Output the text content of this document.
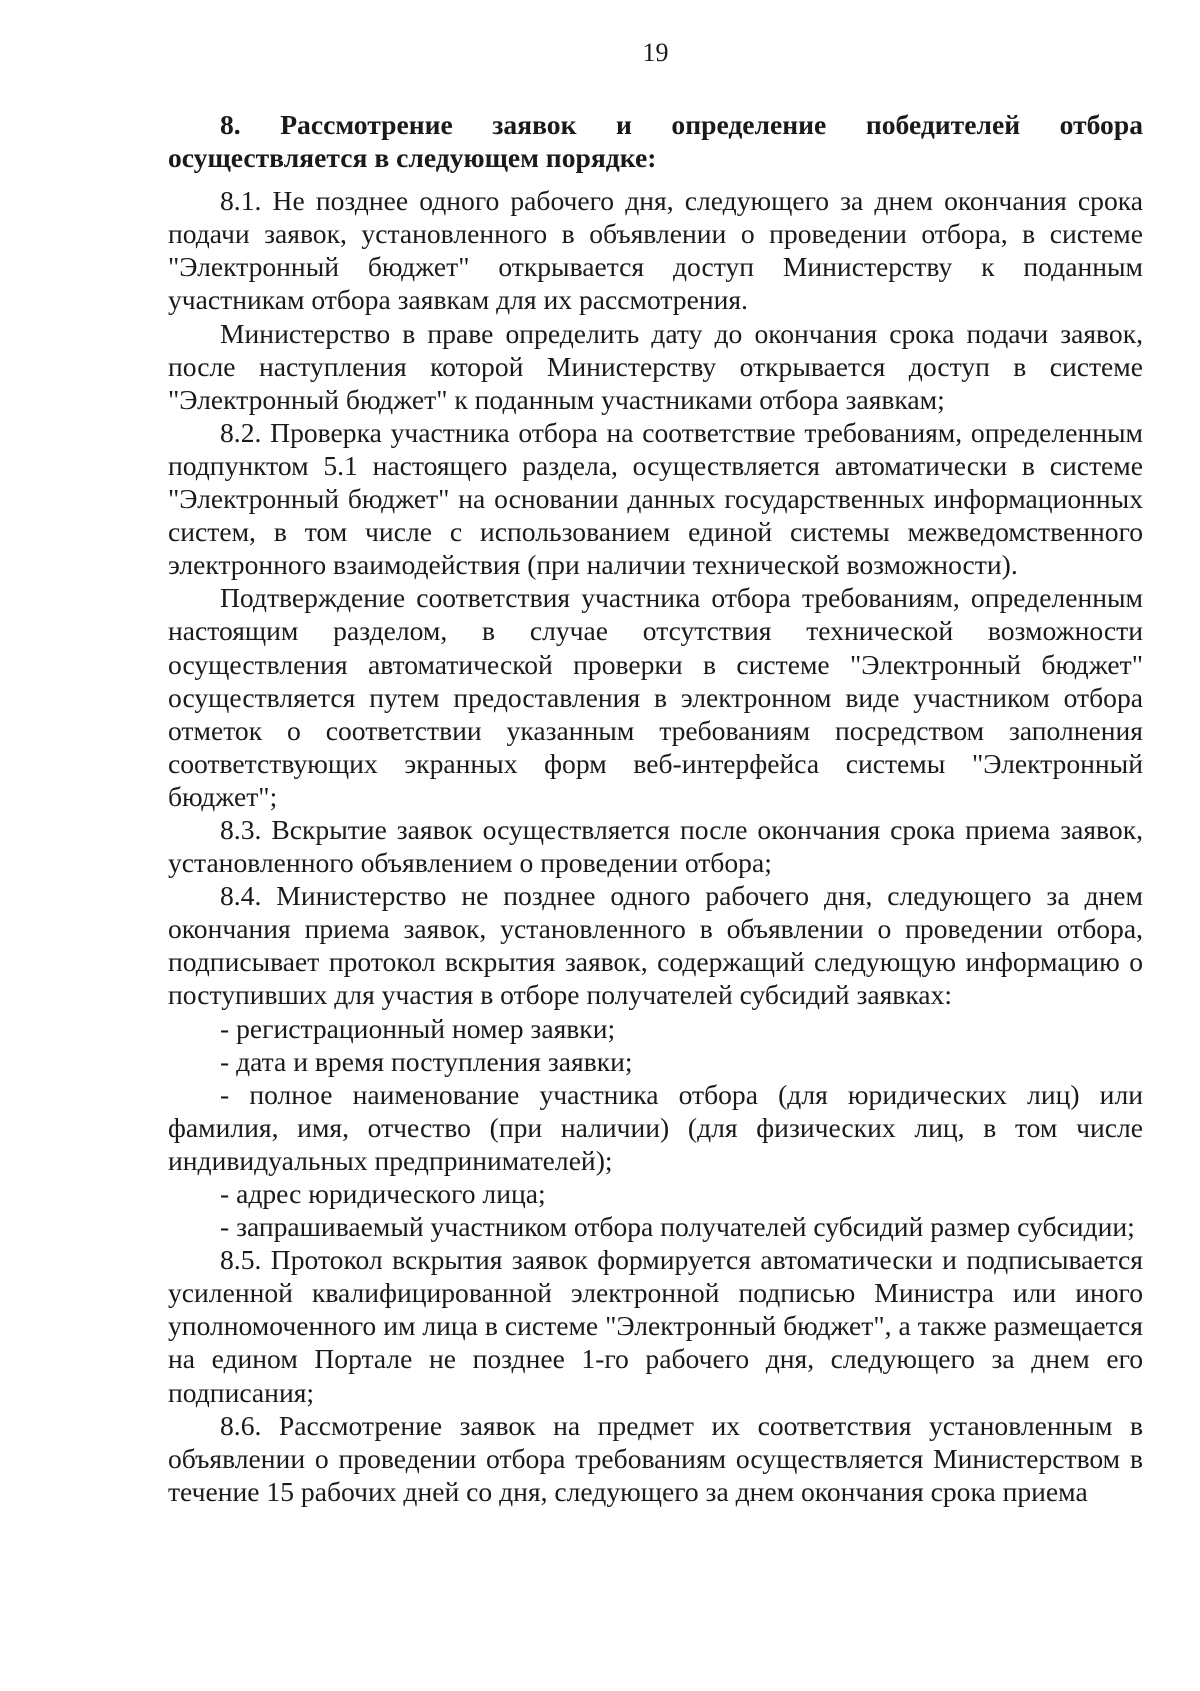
19

8. Рассмотрение заявок и определение победителей отбора осуществляется в следующем порядке:

8.1. Не позднее одного рабочего дня, следующего за днем окончания срока подачи заявок, установленного в объявлении о проведении отбора, в системе "Электронный бюджет" открывается доступ Министерству к поданным участникам отбора заявкам для их рассмотрения.

Министерство в праве определить дату до окончания срока подачи заявок, после наступления которой Министерству открывается доступ в системе "Электронный бюджет" к поданным участниками отбора заявкам;

8.2. Проверка участника отбора на соответствие требованиям, определенным подпунктом 5.1 настоящего раздела, осуществляется автоматически в системе "Электронный бюджет" на основании данных государственных информационных систем, в том числе с использованием единой системы межведомственного электронного взаимодействия (при наличии технической возможности).

Подтверждение соответствия участника отбора требованиям, определенным настоящим разделом, в случае отсутствия технической возможности осуществления автоматической проверки в системе "Электронный бюджет" осуществляется путем предоставления в электронном виде участником отбора отметок о соответствии указанным требованиям посредством заполнения соответствующих экранных форм веб-интерфейса системы "Электронный бюджет";

8.3. Вскрытие заявок осуществляется после окончания срока приема заявок, установленного объявлением о проведении отбора;

8.4. Министерство не позднее одного рабочего дня, следующего за днем окончания приема заявок, установленного в объявлении о проведении отбора, подписывает протокол вскрытия заявок, содержащий следующую информацию о поступивших для участия в отборе получателей субсидий заявках:

- регистрационный номер заявки;

- дата и время поступления заявки;

- полное наименование участника отбора (для юридических лиц) или фамилия, имя, отчество (при наличии) (для физических лиц, в том числе индивидуальных предпринимателей);

- адрес юридического лица;

- запрашиваемый участником отбора получателей субсидий размер субсидии;

8.5. Протокол вскрытия заявок формируется автоматически и подписывается усиленной квалифицированной электронной подписью Министра или иного уполномоченного им лица в системе "Электронный бюджет", а также размещается на едином Портале не позднее 1-го рабочего дня, следующего за днем его подписания;

8.6. Рассмотрение заявок на предмет их соответствия установленным в объявлении о проведении отбора требованиям осуществляется Министерством в течение 15 рабочих дней со дня, следующего за днем окончания срока приема
